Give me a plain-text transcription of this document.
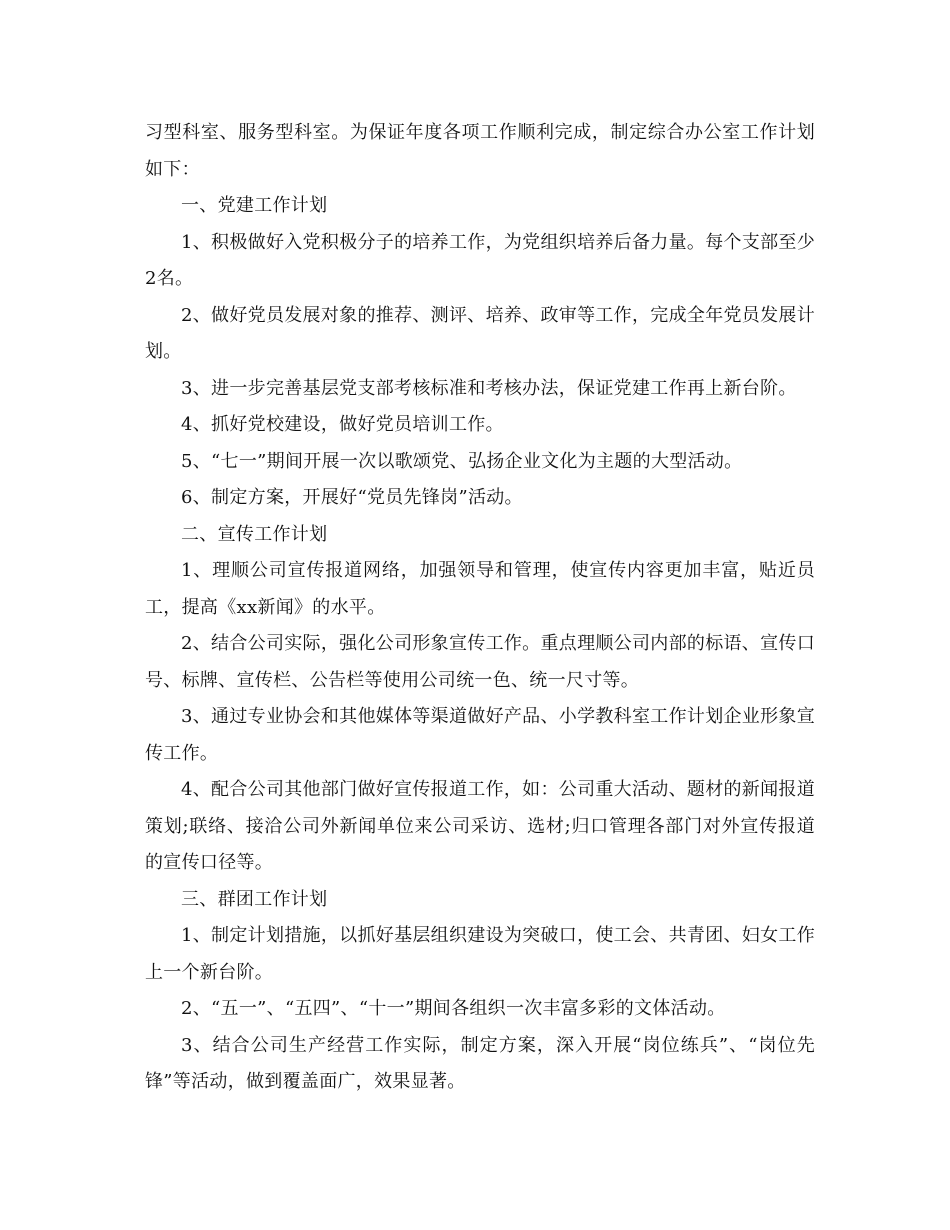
习型科室、服务型科室。为保证年度各项工作顺利完成，制定综合办公室工作计划如下：

一、党建工作计划

1、积极做好入党积极分子的培养工作，为党组织培养后备力量。每个支部至少2名。

2、做好党员发展对象的推荐、测评、培养、政审等工作，完成全年党员发展计划。

3、进一步完善基层党支部考核标准和考核办法，保证党建工作再上新台阶。

4、抓好党校建设，做好党员培训工作。

5、“七一”期间开展一次以歌颂党、弘扬企业文化为主题的大型活动。

6、制定方案，开展好“党员先锋岗”活动。

二、宣传工作计划

1、理顺公司宣传报道网络，加强领导和管理，使宣传内容更加丰富，贴近员工，提高《xx新闻》的水平。

2、结合公司实际，强化公司形象宣传工作。重点理顺公司内部的标语、宣传口号、标牌、宣传栏、公告栏等使用公司统一色、统一尺寸等。

3、通过专业协会和其他媒体等渠道做好产品、小学教科室工作计划企业形象宣传工作。

4、配合公司其他部门做好宣传报道工作，如：公司重大活动、题材的新闻报道策划;联络、接洽公司外新闻单位来公司采访、选材;归口管理各部门对外宣传报道的宣传口径等。

三、群团工作计划

1、制定计划措施，以抓好基层组织建设为突破口，使工会、共青团、妇女工作上一个新台阶。

2、“五一”、“五四”、“十一”期间各组织一次丰富多彩的文体活动。

3、结合公司生产经营工作实际，制定方案，深入开展“岗位练兵”、“岗位先锋”等活动，做到覆盖面广，效果显著。
